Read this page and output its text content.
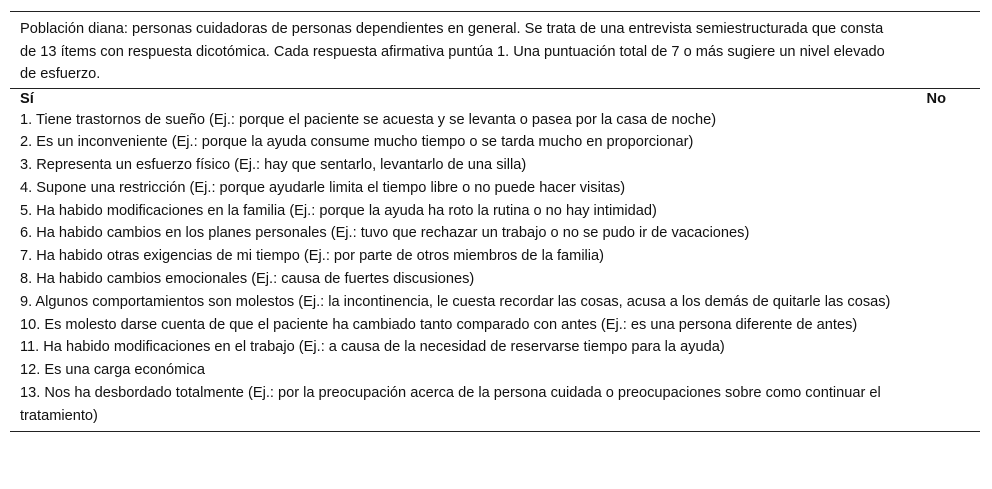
Población diana: personas cuidadoras de personas dependientes en general. Se trata de una entrevista semiestructurada que consta de 13 ítems con respuesta dicotómica. Cada respuesta afirmativa puntúa 1. Una puntuación total de 7 o más sugiere un nivel elevado de esfuerzo.
Sí	No
1. Tiene trastornos de sueño (Ej.: porque el paciente se acuesta y se levanta o pasea por la casa de noche)
2. Es un inconveniente (Ej.: porque la ayuda consume mucho tiempo o se tarda mucho en proporcionar)
3. Representa un esfuerzo físico (Ej.: hay que sentarlo, levantarlo de una silla)
4. Supone una restricción (Ej.: porque ayudarle limita el tiempo libre o no puede hacer visitas)
5. Ha habido modificaciones en la familia (Ej.: porque la ayuda ha roto la rutina o no hay intimidad)
6. Ha habido cambios en los planes personales (Ej.: tuvo que rechazar un trabajo o no se pudo ir de vacaciones)
7. Ha habido otras exigencias de mi tiempo (Ej.: por parte de otros miembros de la familia)
8. Ha habido cambios emocionales (Ej.: causa de fuertes discusiones)
9. Algunos comportamientos son molestos (Ej.: la incontinencia, le cuesta recordar las cosas, acusa a los demás de quitarle las cosas)
10. Es molesto darse cuenta de que el paciente ha cambiado tanto comparado con antes (Ej.: es una persona diferente de antes)
11. Ha habido modificaciones en el trabajo (Ej.: a causa de la necesidad de reservarse tiempo para la ayuda)
12. Es una carga económica
13. Nos ha desbordado totalmente (Ej.: por la preocupación acerca de la persona cuidada o preocupaciones sobre como continuar el tratamiento)
